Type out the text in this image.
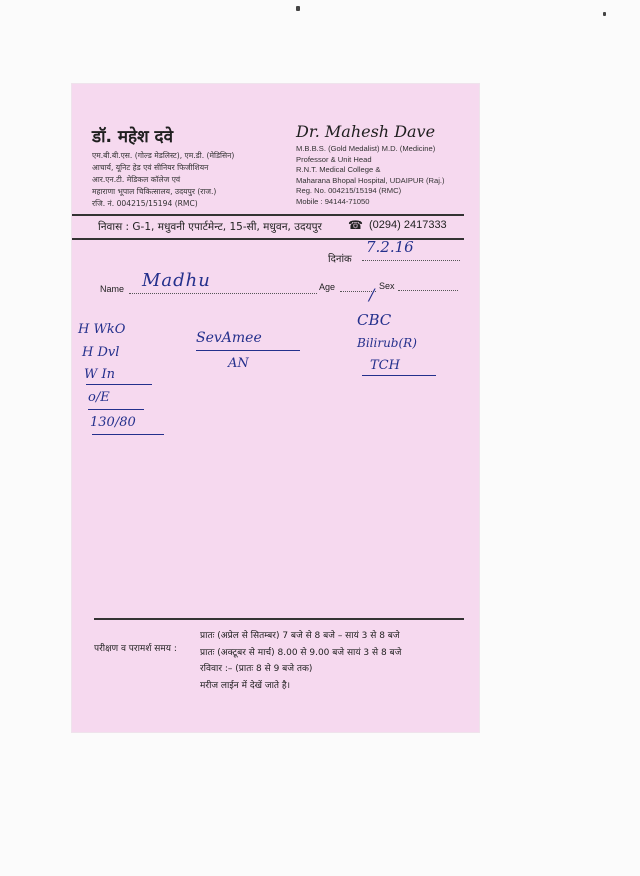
डॉ. महेश दवे
एम.बी.बी.एस. (गोल्ड मेडलिस्ट), एम.डी. (मेडिसिन)
आचार्य, यूनिट हेड एवं सीनियर फिजीशियन
आर.एन.टी. मेडिकल कॉलेज एवं
महाराणा भूपाल चिकित्सालय, उदयपुर (राज.)
रजि. नं. 004215/15194 (RMC)
Dr. Mahesh Dave
M.B.B.S. (Gold Medalist) M.D. (Medicine)
Professor & Unit Head
R.N.T. Medical College &
Maharana Bhopal Hospital, UDAIPUR (Raj.)
Reg. No. 004215/15194 (RMC)
Mobile : 94144-71050
निवास : G-1, मधुवनी एपार्टमेन्ट, 15-सी, मधुवन, उदयपुर ☎ (0294) 2417333
दिनांक
Name	Age	Sex
7.2.16
Madhu
/
H WkO
H Dvl
W In
o/E
130/80
SevAmee
AN
CBC
Bilirub(R)
TCH
परीक्षण व परामर्श समय :
प्रातः (अप्रेल से सितम्बर) 7 बजे से 8 बजे – सायं 3 से 8 बजे
प्रातः (अक्टूबर से मार्च) 8.00 से 9.00 बजे सायं 3 से 8 बजे
रविवार :– (प्रातः 8 से 9 बजे तक)
मरीज लाईन में देखें जाते है।
